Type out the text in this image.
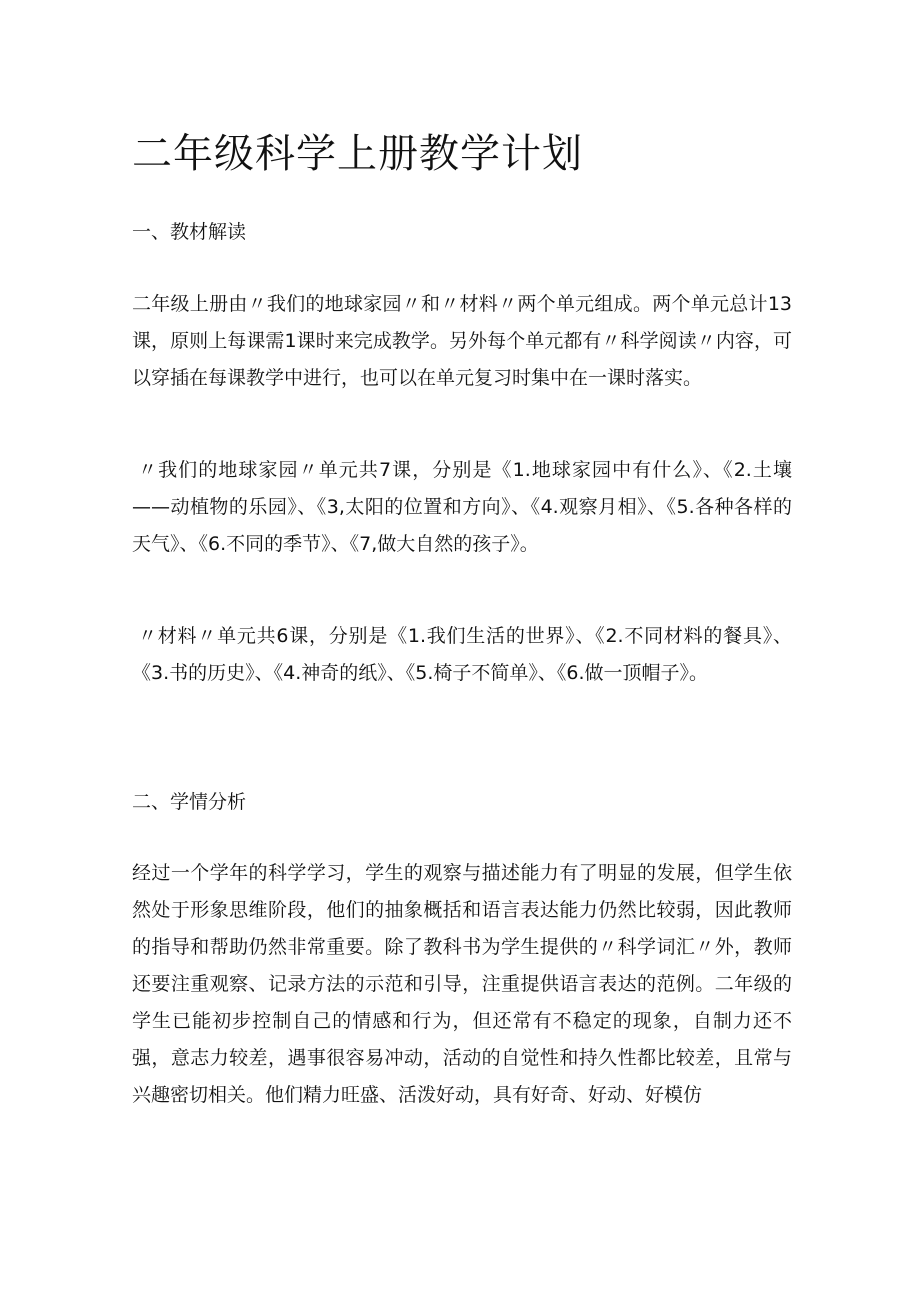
二年级科学上册教学计划
一、教材解读

二年级上册由〃我们的地球家园〃和〃材料〃两个单元组成。两个单元总计13课，原则上每课需1课时来完成教学。另外每个单元都有〃科学阅读〃内容，可以穿插在每课教学中进行，也可以在单元复习时集中在一课时落实。

〃我们的地球家园〃单元共7课，分别是《1.地球家园中有什么》、《2.土壤——动植物的乐园》、《3,太阳的位置和方向》、《4.观察月相》、《5.各种各样的天气》、《6.不同的季节》、《7,做大自然的孩子》。

〃材料〃单元共6课，分别是《1.我们生活的世界》、《2.不同材料的餐具》、《3.书的历史》、《4.神奇的纸》、《5.椅子不简单》、《6.做一顶帽子》。

二、学情分析

经过一个学年的科学学习，学生的观察与描述能力有了明显的发展，但学生依然处于形象思维阶段，他们的抽象概括和语言表达能力仍然比较弱，因此教师的指导和帮助仍然非常重要。除了教科书为学生提供的〃科学词汇〃外，教师还要注重观察、记录方法的示范和引导，注重提供语言表达的范例。二年级的学生已能初步控制自己的情感和行为，但还常有不稳定的现象，自制力还不强，意志力较差，遇事很容易冲动，活动的自觉性和持久性都比较差，且常与兴趣密切相关。他们精力旺盛、活泼好动，具有好奇、好动、好模仿
